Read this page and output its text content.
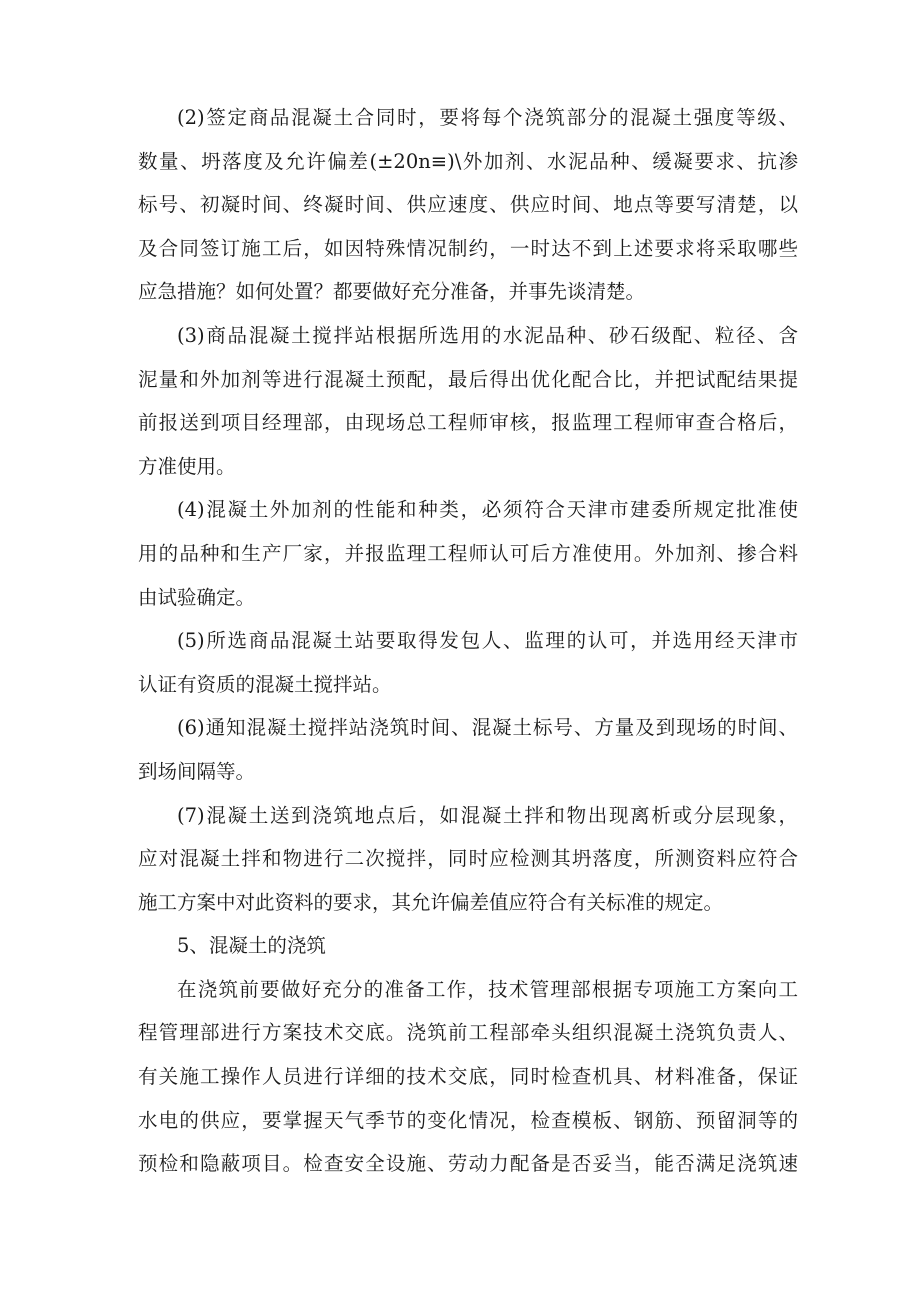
(2)签定商品混凝土合同时，要将每个浇筑部分的混凝土强度等级、
数量、坍落度及允许偏差(±20n≡)\外加剂、水泥品种、缓凝要求、抗渗
标号、初凝时间、终凝时间、供应速度、供应时间、地点等要写清楚，以
及合同签订施工后，如因特殊情况制约，一时达不到上述要求将采取哪些
应急措施？如何处置？都要做好充分准备，并事先谈清楚。
(3)商品混凝土搅拌站根据所选用的水泥品种、砂石级配、粒径、含
泥量和外加剂等进行混凝土预配，最后得出优化配合比，并把试配结果提
前报送到项目经理部，由现场总工程师审核，报监理工程师审查合格后，
方准使用。
(4)混凝土外加剂的性能和种类，必须符合天津市建委所规定批准使
用的品种和生产厂家，并报监理工程师认可后方准使用。外加剂、掺合料
由试验确定。
(5)所选商品混凝土站要取得发包人、监理的认可，并选用经天津市
认证有资质的混凝土搅拌站。
(6)通知混凝土搅拌站浇筑时间、混凝土标号、方量及到现场的时间、
到场间隔等。
(7)混凝土送到浇筑地点后，如混凝土拌和物出现离析或分层现象，
应对混凝土拌和物进行二次搅拌，同时应检测其坍落度，所测资料应符合
施工方案中对此资料的要求，其允许偏差值应符合有关标准的规定。
5、混凝土的浇筑
在浇筑前要做好充分的准备工作，技术管理部根据专项施工方案向工
程管理部进行方案技术交底。浇筑前工程部牵头组织混凝土浇筑负责人、
有关施工操作人员进行详细的技术交底，同时检查机具、材料准备，保证
水电的供应，要掌握天气季节的变化情况，检查模板、钢筋、预留洞等的
预检和隐蔽项目。检查安全设施、劳动力配备是否妥当，能否满足浇筑速
